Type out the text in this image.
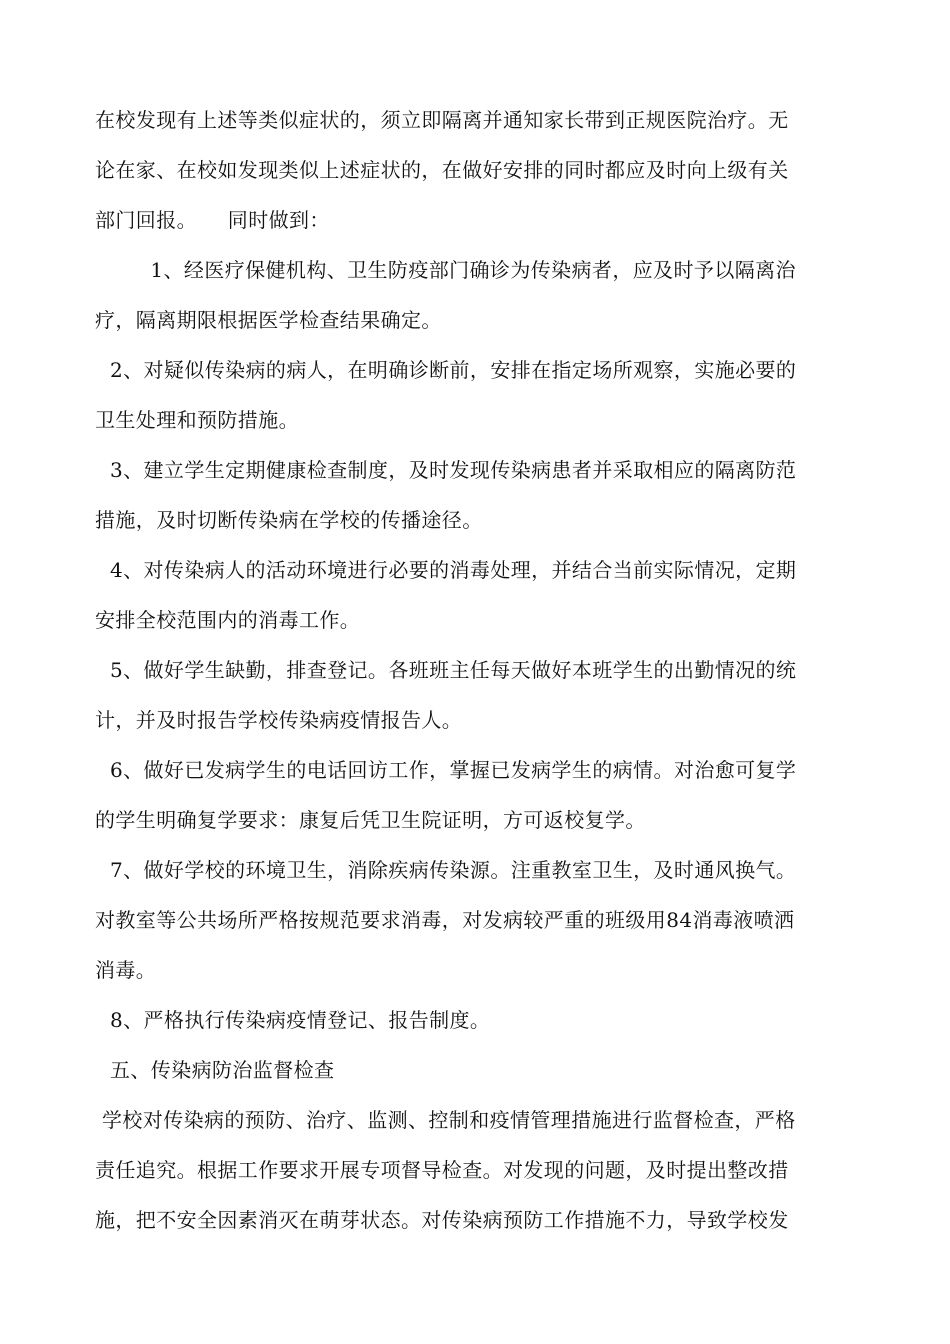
在校发现有上述等类似症状的，须立即隔离并通知家长带到正规医院治疗。无
论在家、在校如发现类似上述症状的，在做好安排的同时都应及时向上级有关
部门回报。　　同时做到：
　1、经医疗保健机构、卫生防疫部门确诊为传染病者，应及时予以隔离治
疗，隔离期限根据医学检查结果确定。
2、对疑似传染病的病人，在明确诊断前，安排在指定场所观察，实施必要的
卫生处理和预防措施。
3、建立学生定期健康检查制度，及时发现传染病患者并采取相应的隔离防范
措施，及时切断传染病在学校的传播途径。
4、对传染病人的活动环境进行必要的消毒处理，并结合当前实际情况，定期
安排全校范围内的消毒工作。
5、做好学生缺勤，排查登记。各班班主任每天做好本班学生的出勤情况的统
计，并及时报告学校传染病疫情报告人。
6、做好已发病学生的电话回访工作，掌握已发病学生的病情。对治愈可复学
的学生明确复学要求：康复后凭卫生院证明，方可返校复学。
7、做好学校的环境卫生，消除疾病传染源。注重教室卫生，及时通风换气。
对教室等公共场所严格按规范要求消毒，对发病较严重的班级用84消毒液喷洒
消毒。
8、严格执行传染病疫情登记、报告制度。
五、传染病防治监督检查
学校对传染病的预防、治疗、监测、控制和疫情管理措施进行监督检查，严格
责任追究。根据工作要求开展专项督导检查。对发现的问题，及时提出整改措
施，把不安全因素消灭在萌芽状态。对传染病预防工作措施不力，导致学校发
